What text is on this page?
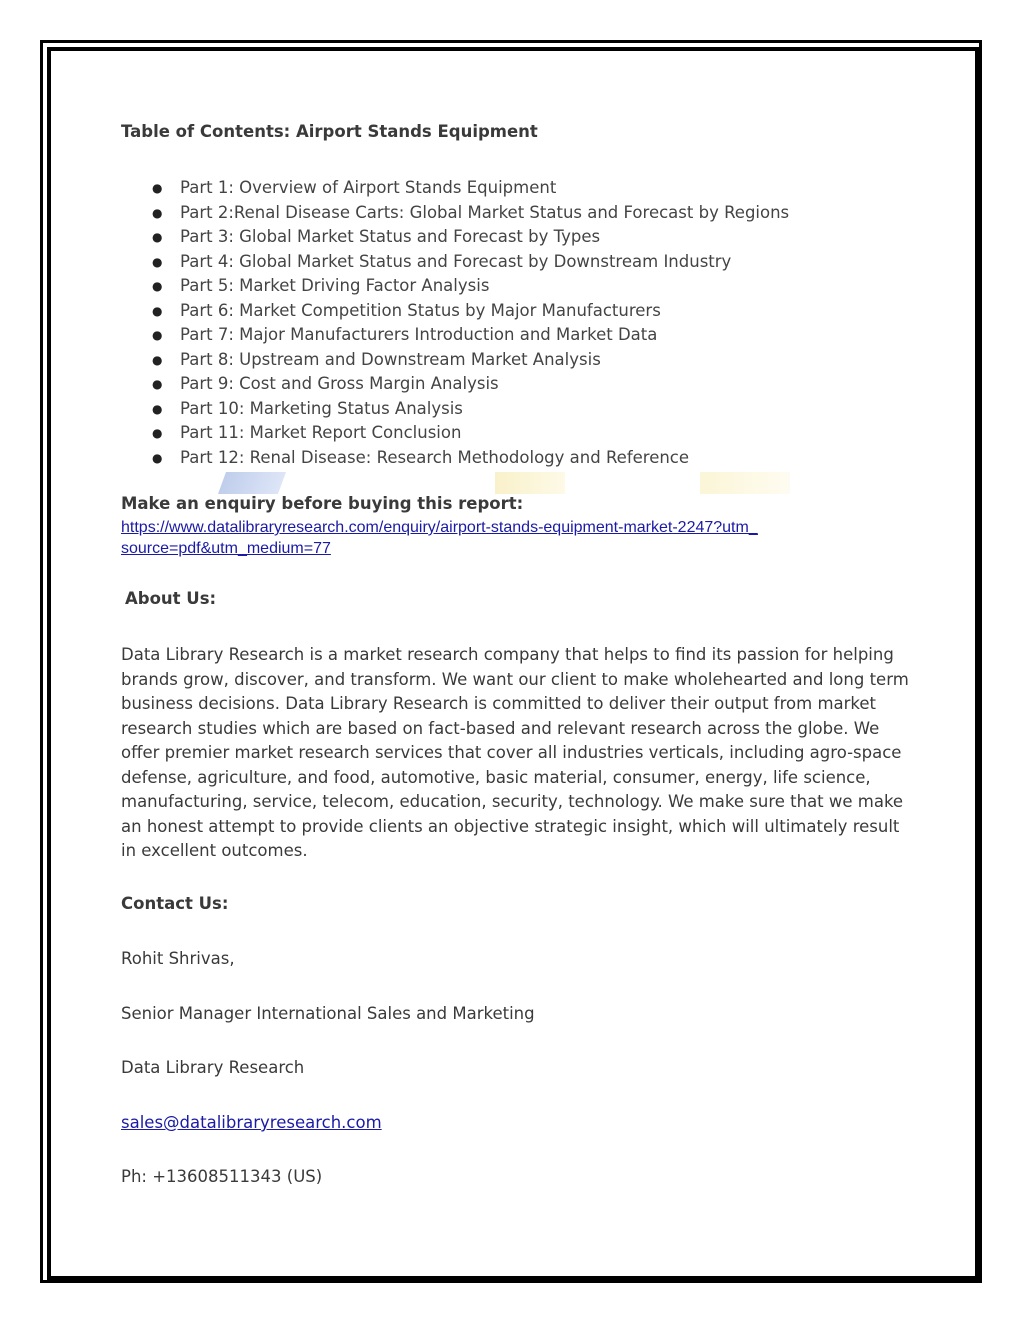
Table of Contents: Airport Stands Equipment
● Part 1: Overview of Airport Stands Equipment
● Part 2:Renal Disease Carts: Global Market Status and Forecast by Regions
● Part 3: Global Market Status and Forecast by Types
● Part 4: Global Market Status and Forecast by Downstream Industry
● Part 5: Market Driving Factor Analysis
● Part 6: Market Competition Status by Major Manufacturers
● Part 7: Major Manufacturers Introduction and Market Data
● Part 8: Upstream and Downstream Market Analysis
● Part 9: Cost and Gross Margin Analysis
● Part 10: Marketing Status Analysis
● Part 11: Market Report Conclusion
● Part 12: Renal Disease: Research Methodology and Reference
Make an enquiry before buying this report:
https://www.datalibraryresearch.com/enquiry/airport-stands-equipment-market-2247?utm_source=pdf&utm_medium=77
About Us:

Data Library Research is a market research company that helps to find its passion for helping brands grow, discover, and transform. We want our client to make wholehearted and long term business decisions. Data Library Research is committed to deliver their output from market research studies which are based on fact-based and relevant research across the globe. We offer premier market research services that cover all industries verticals, including agro-space defense, agriculture, and food, automotive, basic material, consumer, energy, life science, manufacturing, service, telecom, education, security, technology. We make sure that we make an honest attempt to provide clients an objective strategic insight, which will ultimately result in excellent outcomes.

Contact Us:
Rohit Shrivas,
Senior Manager International Sales and Marketing
Data Library Research
sales@datalibraryresearch.com
Ph: +13608511343 (US)
